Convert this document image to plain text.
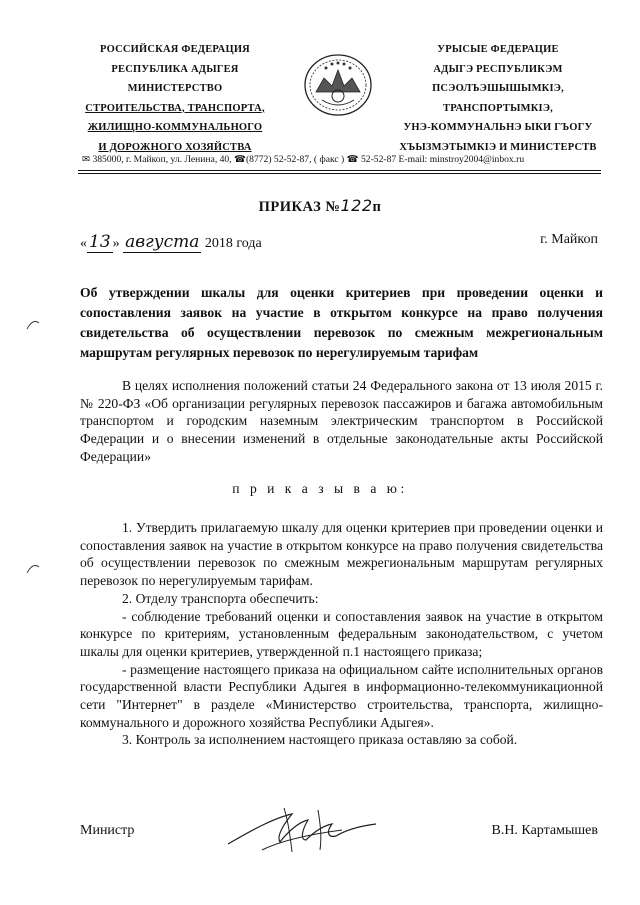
РОССИЙСКАЯ ФЕДЕРАЦИЯ
РЕСПУБЛИКА АДЫГЕЯ
МИНИСТЕРСТВО
СТРОИТЕЛЬСТВА, ТРАНСПОРТА,
ЖИЛИЩНО-КОММУНАЛЬНОГО
И ДОРОЖНОГО ХОЗЯЙСТВА
УРЫСЫЕ ФЕДЕРАЦИЕ
АДЫГЭ РЕСПУБЛИКЭМ
ПСЭОЛЪЭШЫШЫМКIЭ,
ТРАНСПОРТЫМКIЭ,
УНЭ-КОММУНАЛЬНЭ ЫКИ ГЪОГУ
ХЪЫЗМЭТЫМКIЭ И МИНИСТЕРСТВ
✉ 385000, г. Майкоп, ул. Ленина, 40, ☎(8772) 52-52-87, ( факс ) ☎ 52-52-87 E-mail: minstroy2004@inbox.ru
ПРИКАЗ №122п
« 13 » августа 2018 года	г. Майкоп
Об утверждении шкалы для оценки критериев при проведении оценки и сопоставления заявок на участие в открытом конкурсе на право получения свидетельства об осуществлении перевозок по смежным межрегиональным маршрутам регулярных перевозок по нерегулируемым тарифам
В целях исполнения положений статьи 24 Федерального закона от 13 июля 2015 г. № 220-ФЗ «Об организации регулярных перевозок пассажиров и багажа автомобильным транспортом и городским наземным электрическим транспортом в Российской Федерации и о внесении изменений в отдельные законодательные акты Российской Федерации»
п р и к а з ы в а ю:

1. Утвердить прилагаемую шкалу для оценки критериев при проведении оценки и сопоставления заявок на участие в открытом конкурсе на право получения свидетельства об осуществлении перевозок по смежным межрегиональным маршрутам регулярных перевозок по нерегулируемым тарифам.

2. Отделу транспорта обеспечить:

- соблюдение требований оценки и сопоставления заявок на участие в открытом конкурсе по критериям, установленным федеральным законодательством, с учетом шкалы для оценки критериев, утвержденной п.1 настоящего приказа;

- размещение настоящего приказа на официальном сайте исполнительных органов государственной власти Республики Адыгея в информационно-телекоммуникационной сети "Интернет" в разделе «Министерство строительства, транспорта, жилищно-коммунального и дорожного хозяйства Республики Адыгея».

3. Контроль за исполнением настоящего приказа оставляю за собой.

Министр	В.Н. Картамышев
